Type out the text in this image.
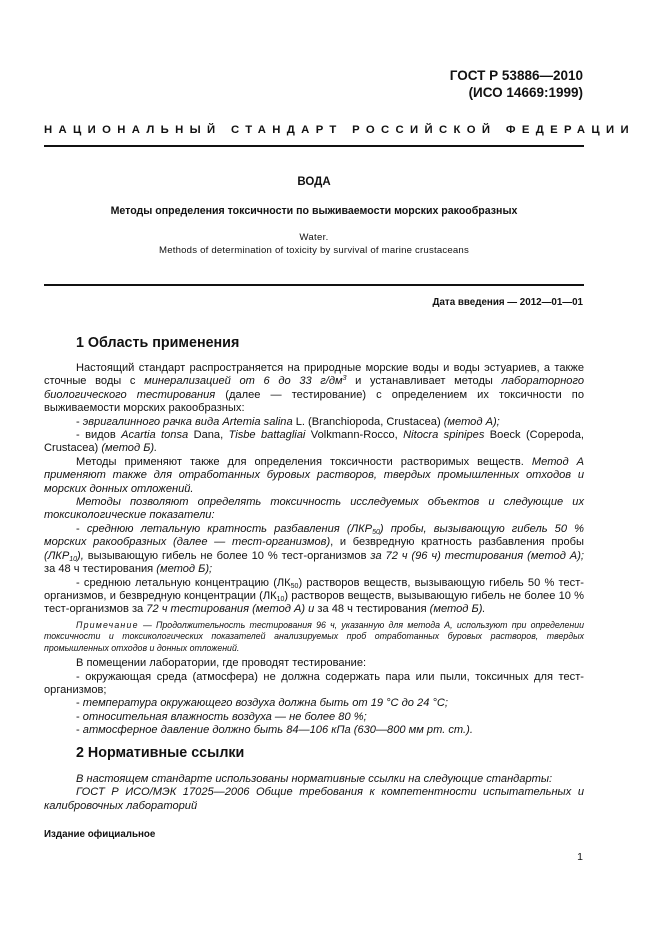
ГОСТ Р 53886—2010
(ИСО 14669:1999)
НАЦИОНАЛЬНЫЙ СТАНДАРТ РОССИЙСКОЙ ФЕДЕРАЦИИ
ВОДА
Методы определения токсичности по выживаемости морских ракообразных
Water.
Methods of determination of toxicity by survival of marine crustaceans
Дата введения — 2012—01—01
1 Область применения

Настоящий стандарт распространяется на природные морские воды и воды эстуариев, а также сточные воды с минерализацией от 6 до 33 $г/дм^3$ и устанавливает методы лабораторного биологического тестирования (далее — тестирование) с определением их токсичности по выживаемости морских ракообразных:

- эвригалинного рачка вида Artemia salina L. (Branchiopoda, Crustacea) (метод А);

- видов Acartia tonsa Dana, Tisbe battagliai Volkmann-Rocco, Nitocra spinipes Boeck (Copepoda, Crustacea) (метод Б).

Методы применяют также для определения токсичности растворимых веществ. Метод А применяют также для отработанных буровых растворов, твердых промышленных отходов и морских донных отложений.

Методы позволяют определять токсичность исследуемых объектов и следующие их токсикологические показатели:

- среднюю летальную кратность разбавления $(ЛКР_{50})$ пробы, вызывающую гибель 50 % морских ракообразных (далее — тест-организмов), и безвредную кратность разбавления пробы $(ЛКР_{10})$, вызывающую гибель не более 10 % тест-организмов за 72 ч (96 ч) тестирования (метод А); за 48 ч тестирования (метод Б);

- среднюю летальную концентрацию $(ЛК_{50})$ растворов веществ, вызывающую гибель 50 % тест-организмов, и безвредную концентрации $(ЛК_{10})$ растворов веществ, вызывающую гибель не более 10 % тест-организмов за 72 ч тестирования (метод А) и за 48 ч тестирования (метод Б).

Примечание — Продолжительность тестирования 96 ч, указанную для метода А, используют при определении токсичности и токсикологических показателей анализируемых проб отработанных буровых растворов, твердых промышленных отходов и донных отложений.

В помещении лаборатории, где проводят тестирование:

- окружающая среда (атмосфера) не должна содержать пара или пыли, токсичных для тест-организмов;

- температура окружающего воздуха должна быть от 19 °С до 24 °С;

- относительная влажность воздуха — не более 80 %;

- атмосферное давление должно быть 84—106 кПа (630—800 мм рт. ст.).

2 Нормативные ссылки

В настоящем стандарте использованы нормативные ссылки на следующие стандарты:

ГОСТ Р ИСО/МЭК 17025—2006 Общие требования к компетентности испытательных и калибровочных лабораторий

Издание официальное
1
